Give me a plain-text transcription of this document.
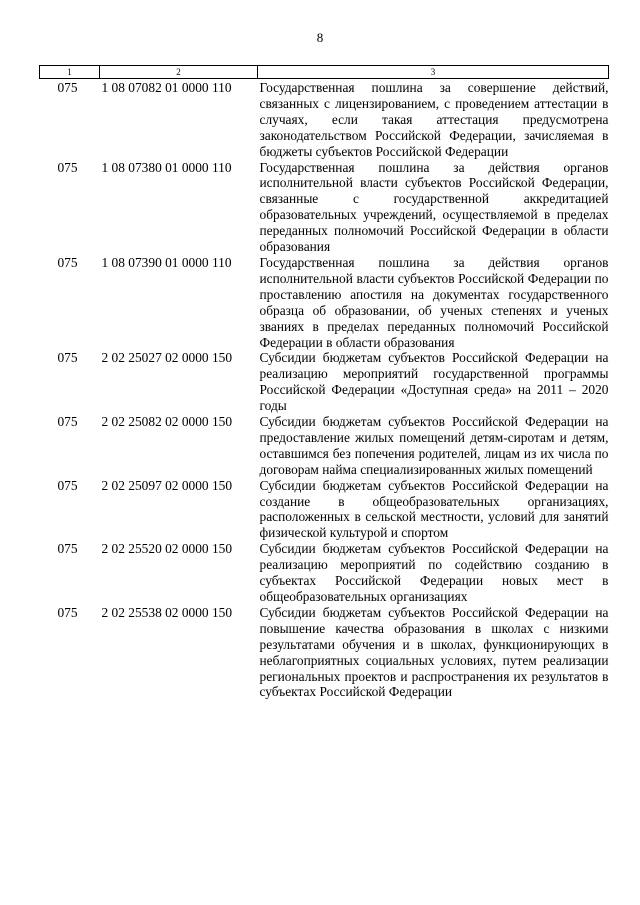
8
1	2	3
075	1 08 07082 01 0000 110	Государственная пошлина за совершение действий, связанных с лицензированием, с проведением аттестации в случаях, если такая аттестация предусмотрена законодательством Российской Федерации, зачисляемая в бюджеты субъектов Российской Федерации
075	1 08 07380 01 0000 110	Государственная пошлина за действия органов исполнительной власти субъектов Российской Федерации, связанные с государственной аккредитацией образовательных учреждений, осуществляемой в пределах переданных полномочий Российской Федерации в области образования
075	1 08 07390 01 0000 110	Государственная пошлина за действия органов исполнительной власти субъектов Российской Федерации по проставлению апостиля на документах государственного образца об образовании, об ученых степенях и ученых званиях в пределах переданных полномочий Российской Федерации в области образования
075	2 02 25027 02 0000 150	Субсидии бюджетам субъектов Российской Федерации на реализацию мероприятий государственной программы Российской Федерации «Доступная среда» на 2011 – 2020 годы
075	2 02 25082 02 0000 150	Субсидии бюджетам субъектов Российской Федерации на предоставление жилых помещений детям-сиротам и детям, оставшимся без попечения родителей, лицам из их числа по договорам найма специализированных жилых помещений
075	2 02 25097 02 0000 150	Субсидии бюджетам субъектов Российской Федерации на создание в общеобразовательных организациях, расположенных в сельской местности, условий для занятий физической культурой и спортом
075	2 02 25520 02 0000 150	Субсидии бюджетам субъектов Российской Федерации на реализацию мероприятий по содействию созданию в субъектах Российской Федерации новых мест в общеобразовательных организациях
075	2 02 25538 02 0000 150	Субсидии бюджетам субъектов Российской Федерации на повышение качества образования в школах с низкими результатами обучения и в школах, функционирующих в неблагоприятных социальных условиях, путем реализации региональных проектов и распространения их результатов в субъектах Российской Федерации
